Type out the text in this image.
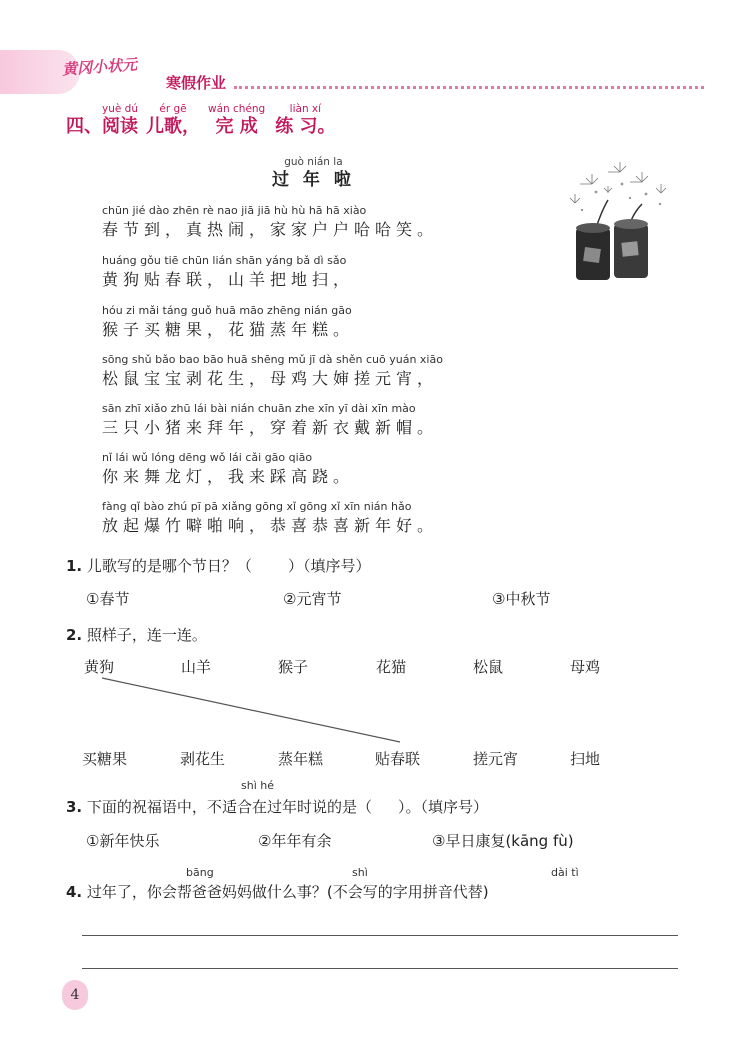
黄冈小状元
寒假作业
yuè dú
四、阅读
ér gē
儿歌，
wán chéng
完 成
liàn xí
练 习。
guò nián la
过 年 啦
chūn jié dào zhēn rè nao jiā jiā hù hù hā hā xiào
春节到，真热闹，家家户户哈哈笑。
huáng gǒu tiē chūn lián shān yáng bǎ dì sǎo
黄狗贴春联，山羊把地扫，
hóu zi mǎi táng guǒ huā māo zhēng nián gāo
猴子买糖果，花猫蒸年糕。
sōng shǔ bǎo bao bāo huā shēng mǔ jī dà shěn cuō yuán xiāo
松鼠宝宝剥花生，母鸡大婶搓元宵，
sān zhī xiǎo zhū lái bài nián chuān zhe xīn yī dài xīn mào
三只小猪来拜年，穿着新衣戴新帽。
nǐ lái wǔ lóng dēng wǒ lái cǎi gāo qiāo
你来舞龙灯，我来踩高跷。
fàng qǐ bào zhú pī pā xiǎng gōng xǐ gōng xǐ xīn nián hǎo
放起爆竹噼啪响，恭喜恭喜新年好。
1. 儿歌写的是哪个节日？（ ）（填序号）
①春节	②元宵节	③中秋节
2. 照样子，连一连。
黄狗	山羊	猴子	花猫	松鼠	母鸡
买糖果	剥花生	蒸年糕	贴春联	搓元宵	扫地
shì hé
3. 下面的祝福语中，不适合在过年时说的是（ ）。（填序号）
①新年快乐	②年年有余	③早日康复(kāng fù)
bāng	shì	dài tì
4. 过年了，你会帮爸爸妈妈做什么事？(不会写的字用拼音代替)
4
